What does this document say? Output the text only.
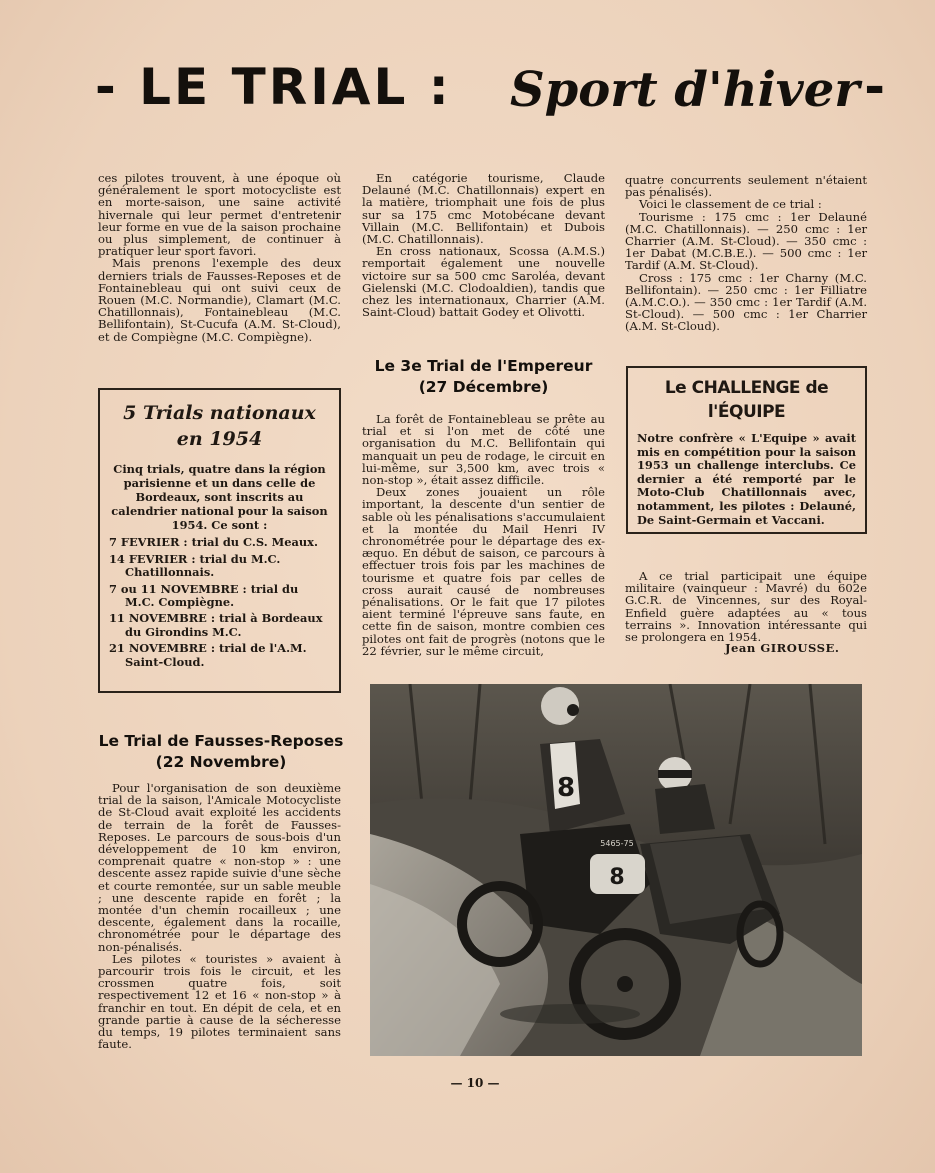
- LE TRIAL : Sport d'hiver -

ces pilotes trouvent, à une époque où généralement le sport motocycliste est en morte-saison, une saine activité hivernale qui leur permet d'entretenir leur forme en vue de la saison prochaine ou plus simplement, de continuer à pratiquer leur sport favori.

Mais prenons l'exemple des deux derniers trials de Fausses-Reposes et de Fontainebleau qui ont suivi ceux de Rouen (M.C. Normandie), Clamart (M.C. Chatillonnais), Fontainebleau (M.C. Bellifontain), St-Cucufa (A.M. St-Cloud), et de Compiègne (M.C. Compiègne).

5 Trials nationaux
en 1954

Cinq trials, quatre dans la région parisienne et un dans celle de Bordeaux, sont inscrits au calendrier national pour la saison 1954. Ce sont :

7 FEVRIER : trial du C.S. Meaux.

14 FEVRIER : trial du M.C. Chatillonnais.

7 ou 11 NOVEMBRE : trial du M.C. Compiègne.

11 NOVEMBRE : trial à Bordeaux du Girondins M.C.

21 NOVEMBRE : trial de l'A.M. Saint-Cloud.

Le Trial de Fausses-Reposes
(22 Novembre)

Pour l'organisation de son deuxième trial de la saison, l'Amicale Motocycliste de St-Cloud avait exploité les accidents de terrain de la forêt de Fausses-Reposes. Le parcours de sous-bois d'un développement de 10 km environ, comprenait quatre « non-stop » : une descente assez rapide suivie d'une sèche et courte remontée, sur un sable meuble ; une descente rapide en forêt ; la montée d'un chemin rocailleux ; une descente, également dans la rocaille, chronométrée pour le départage des non-pénalisés.

Les pilotes « touristes » avaient à parcourir trois fois le circuit, et les crossmen quatre fois, soit respectivement 12 et 16 « non-stop » à franchir en tout. En dépit de cela, et en grande partie à cause de la sécheresse du temps, 19 pilotes terminaient sans faute.

En catégorie tourisme, Claude Delauné (M.C. Chatillonnais) expert en la matière, triomphait une fois de plus sur sa 175 cmc Motobécane devant Villain (M.C. Bellifontain) et Dubois (M.C. Chatillonnais).

En cross nationaux, Scossa (A.M.S.) remportait également une nouvelle victoire sur sa 500 cmc Saroléa, devant Gielenski (M.C. Clodoaldien), tandis que chez les internationaux, Charrier (A.M. Saint-Cloud) battait Godey et Olivotti.

Le 3e Trial de l'Empereur
(27 Décembre)

La forêt de Fontainebleau se prête au trial et si l'on met de côté une organisation du M.C. Bellifontain qui manquait un peu de rodage, le circuit en lui-même, sur 3,500 km, avec trois « non-stop », était assez difficile.

Deux zones jouaient un rôle important, la descente d'un sentier de sable où les pénalisations s'accumulaient et la montée du Mail Henri IV chronométrée pour le départage des ex-æquo. En début de saison, ce parcours à effectuer trois fois par les machines de tourisme et quatre fois par celles de cross aurait causé de nombreuses pénalisations. Or le fait que 17 pilotes aient terminé l'épreuve sans faute, en cette fin de saison, montre combien ces pilotes ont fait de progrès (notons que le 22 février, sur le même circuit,

quatre concurrents seulement n'étaient pas pénalisés).

Voici le classement de ce trial :

Tourisme : 175 cmc : 1er Delauné (M.C. Chatillonnais). — 250 cmc : 1er Charrier (A.M. St-Cloud). — 350 cmc : 1er Dabat (M.C.B.E.). — 500 cmc : 1er Tardif (A.M. St-Cloud).

Cross : 175 cmc : 1er Charny (M.C. Bellifontain). — 250 cmc : 1er Filliatre (A.M.C.O.). — 350 cmc : 1er Tardif (A.M. St-Cloud). — 500 cmc : 1er Charrier (A.M. St-Cloud).

Le CHALLENGE de l'ÉQUIPE
Notre confrère « L'Equipe » avait mis en compétition pour la saison 1953 un challenge interclubs. Ce dernier a été remporté par le Moto-Club Chatillonnais avec, notamment, les pilotes : Delauné, De Saint-Germain et Vaccani.

A ce trial participait une équipe militaire (vainqueur : Mavré) du 602e G.C.R. de Vincennes, sur des Royal-Enfield guère adaptées au « tous terrains ». Innovation intéressante qui se prolongera en 1954.

Jean GIROUSSE.
8
8
5465-75
— 10 —
